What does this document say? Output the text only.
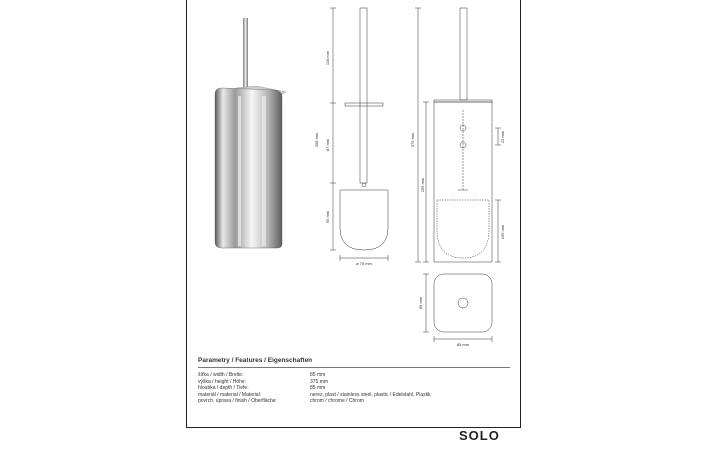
118 mm
87 mm
95 mm
308 mm
ø 75 mm
375 mm
255 mm
22 mm
195 mm
85 mm
85 mm
Parametry / Features / Eigenschaften
šířka / width / Breite:	85 mm
výška / height / Höhe:	375 mm
hloubka / depth / Tiefe:	85 mm
materiál / material / Material:	nerez, plast / stainless steel, plastic / Edelstahl, Plastik
povrch. úprava / finish / Oberfläche:	chrom / chrome / Chrom
SOLO
